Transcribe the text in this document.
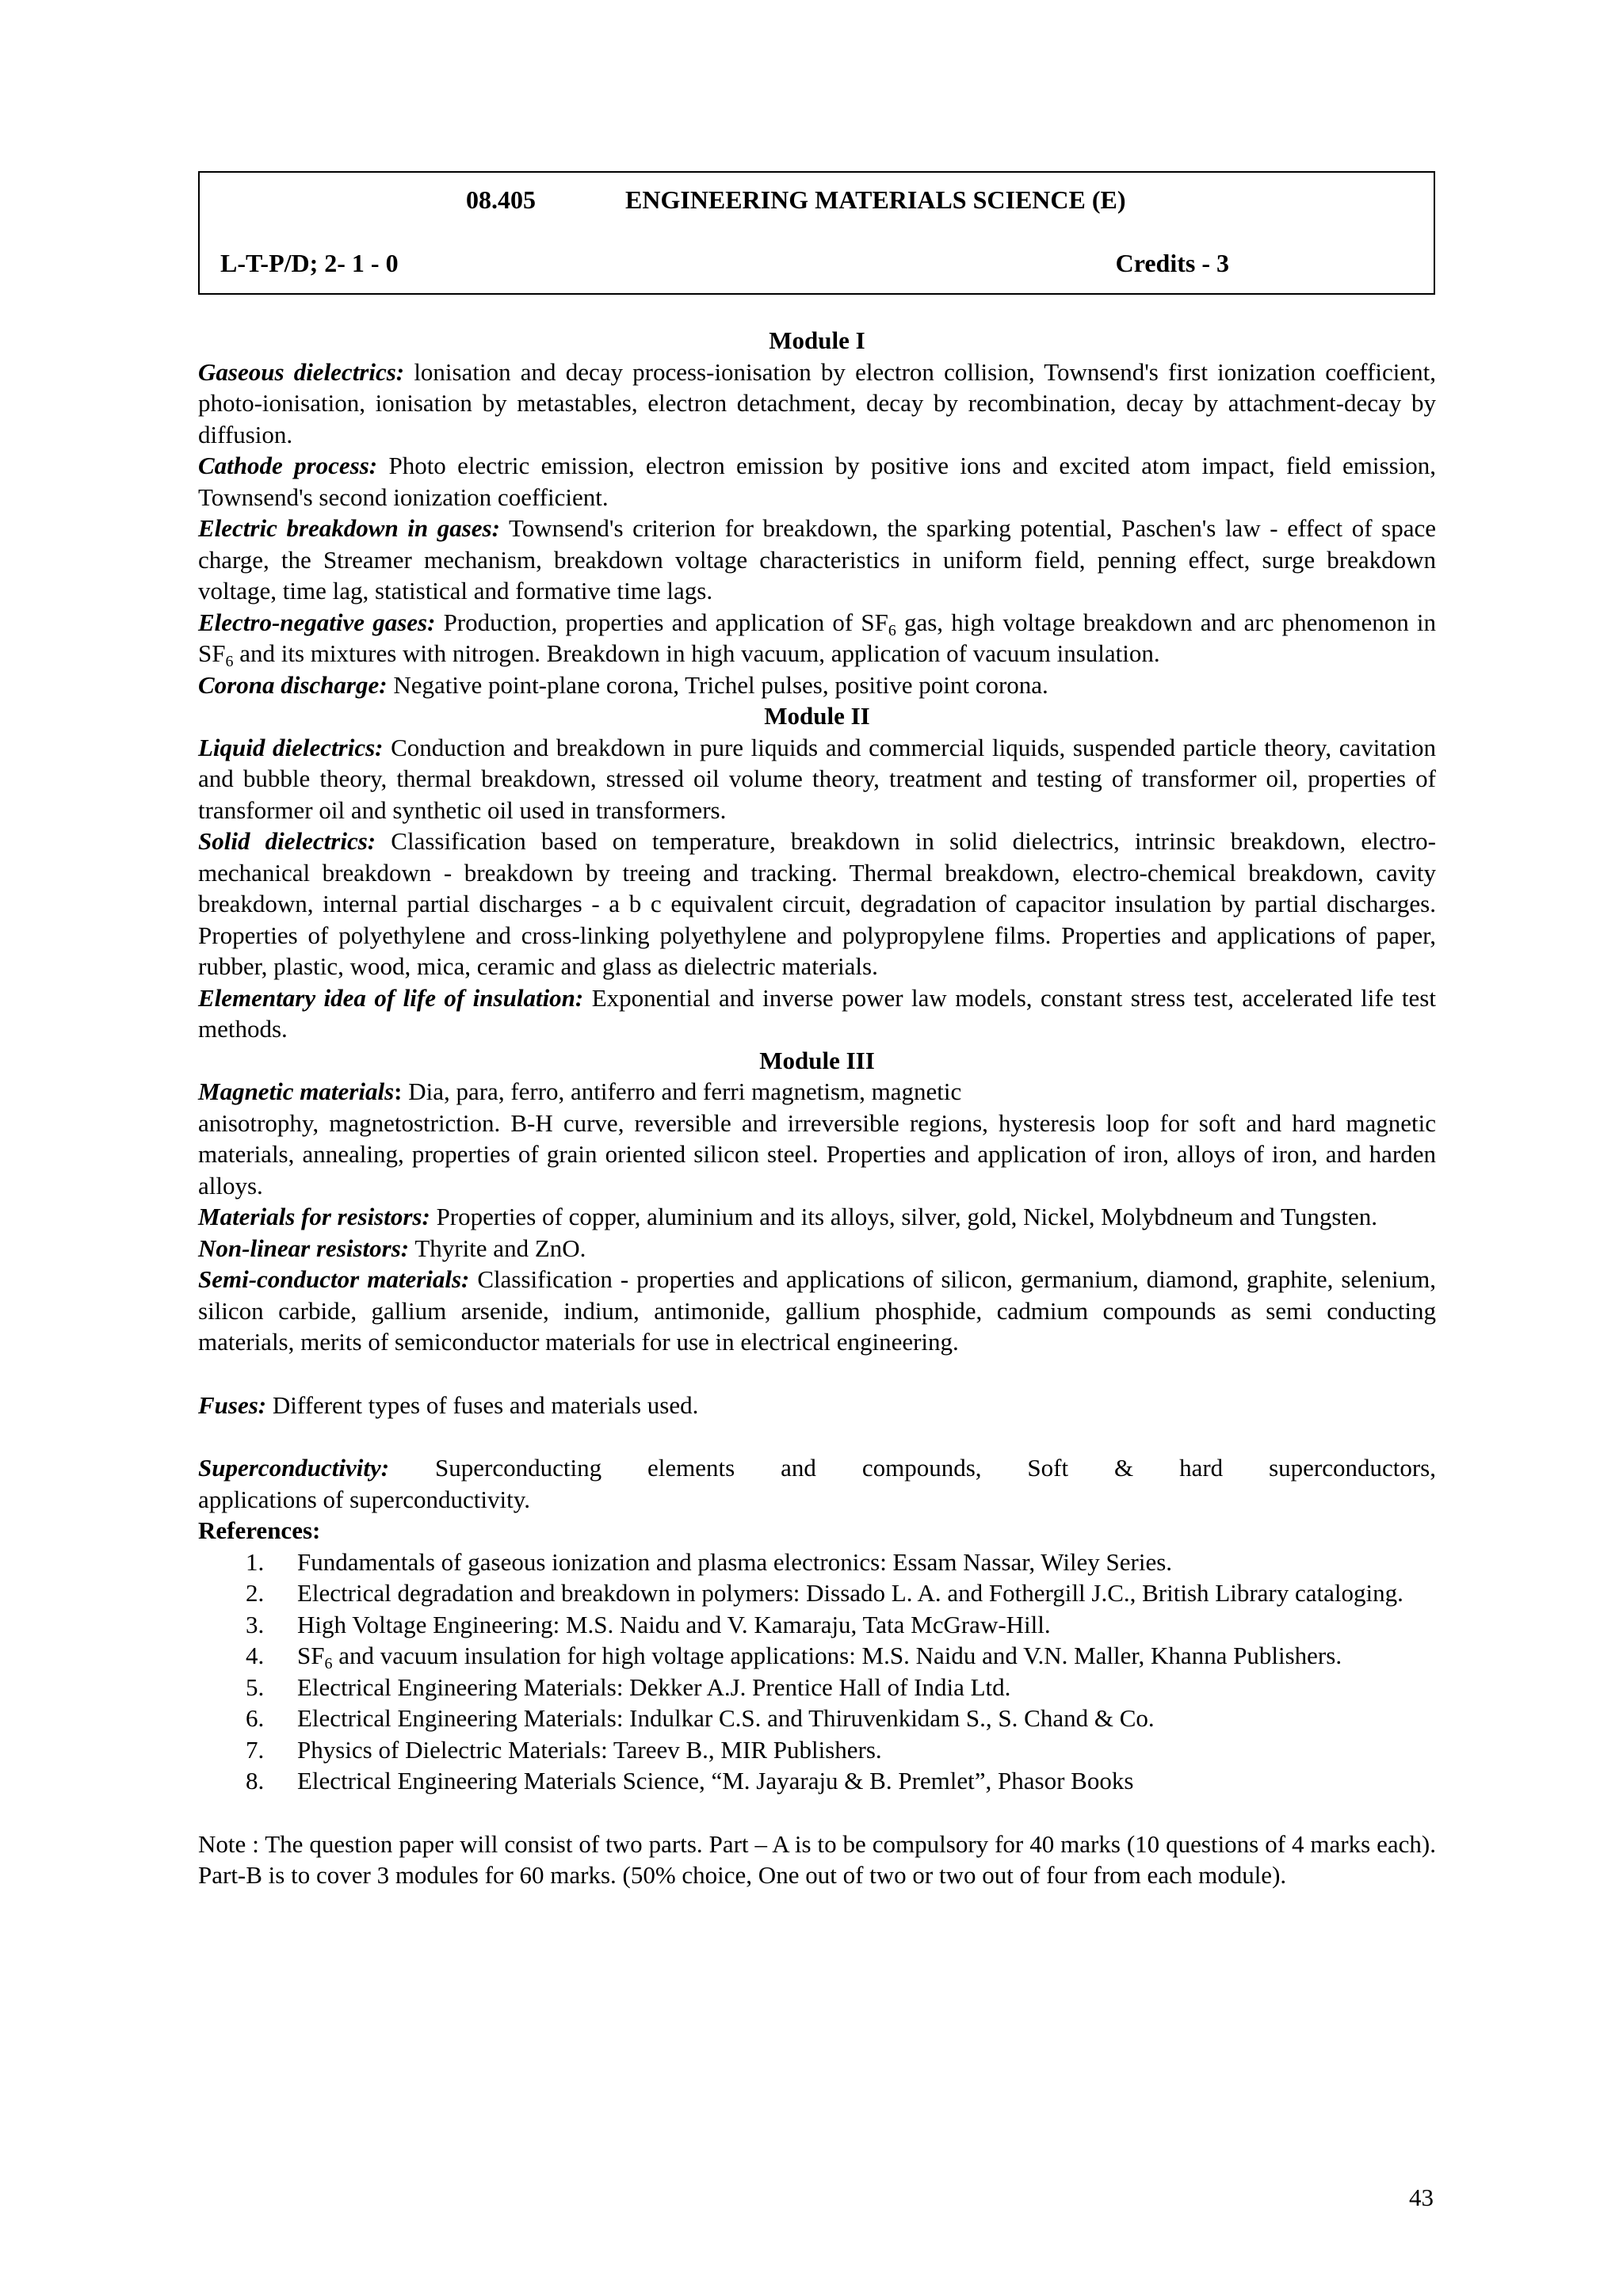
08.405	ENGINEERING MATERIALS SCIENCE (E)
L-T-P/D; 2- 1 - 0	Credits - 3

Module I

Gaseous dielectrics: lonisation and decay process-ionisation by electron collision, Townsend's first ionization coefficient, photo-ionisation, ionisation by metastables, electron detachment, decay by recombination, decay by attachment-decay by diffusion.

Cathode process: Photo electric emission, electron emission by positive ions and excited atom impact, field emission, Townsend's second ionization coefficient.

Electric breakdown in gases: Townsend's criterion for breakdown, the sparking potential, Paschen's law - effect of space charge, the Streamer mechanism, breakdown voltage characteristics in uniform field, penning effect, surge breakdown voltage, time lag, statistical and formative time lags.

Electro-negative gases: Production, properties and application of $SF_6$ gas, high voltage breakdown and arc phenomenon in $SF_6$ and its mixtures with nitrogen. Breakdown in high vacuum, application of vacuum insulation.

Corona discharge: Negative point-plane corona, Trichel pulses, positive point corona.

Module II

Liquid dielectrics: Conduction and breakdown in pure liquids and commercial liquids, suspended particle theory, cavitation and bubble theory, thermal breakdown, stressed oil volume theory, treatment and testing of transformer oil, properties of transformer oil and synthetic oil used in transformers.

Solid dielectrics: Classification based on temperature, breakdown in solid dielectrics, intrinsic breakdown, electro-mechanical breakdown - breakdown by treeing and tracking. Thermal breakdown, electro-chemical breakdown, cavity breakdown, internal partial discharges - a b c equivalent circuit, degradation of capacitor insulation by partial discharges. Properties of polyethylene and cross-linking polyethylene and polypropylene films. Properties and applications of paper, rubber, plastic, wood, mica, ceramic and glass as dielectric materials.

Elementary idea of life of insulation: Exponential and inverse power law models, constant stress test, accelerated life test methods.

Module III

Magnetic materials: Dia, para, ferro, antiferro and ferri magnetism, magnetic

anisotrophy, magnetostriction. B-H curve, reversible and irreversible regions, hysteresis loop for soft and hard magnetic materials, annealing, properties of grain oriented silicon steel. Properties and application of iron, alloys of iron, and harden alloys.

Materials for resistors: Properties of copper, aluminium and its alloys, silver, gold, Nickel, Molybdneum and Tungsten.

Non-linear resistors: Thyrite and ZnO.

Semi-conductor materials: Classification - properties and applications of silicon, germanium, diamond, graphite, selenium, silicon carbide, gallium arsenide, indium, antimonide, gallium phosphide, cadmium compounds as semi conducting materials, merits of semiconductor materials for use in electrical engineering.

Fuses: Different types of fuses and materials used.

Superconductivity: Superconducting elements and compounds, Soft & hard superconductors,

applications of superconductivity.

References:

1. Fundamentals of gaseous ionization and plasma electronics: Essam Nassar, Wiley Series.
2. Electrical degradation and breakdown in polymers: Dissado L. A. and Fothergill J.C., British Library cataloging.
3. High Voltage Engineering: M.S. Naidu and V. Kamaraju, Tata McGraw-Hill.
4. $SF_6$ and vacuum insulation for high voltage applications: M.S. Naidu and V.N. Maller, Khanna Publishers.
5. Electrical Engineering Materials: Dekker A.J. Prentice Hall of India Ltd.
6. Electrical Engineering Materials: Indulkar C.S. and Thiruvenkidam S., S. Chand & Co.
7. Physics of Dielectric Materials: Tareev B., MIR Publishers.
8. Electrical Engineering Materials Science, “M. Jayaraju & B. Premlet”, Phasor Books

Note : The question paper will consist of two parts. Part – A is to be compulsory for 40 marks (10 questions of 4 marks each). Part-B is to cover 3 modules for 60 marks. (50% choice, One out of two or two out of four from each module).

43
